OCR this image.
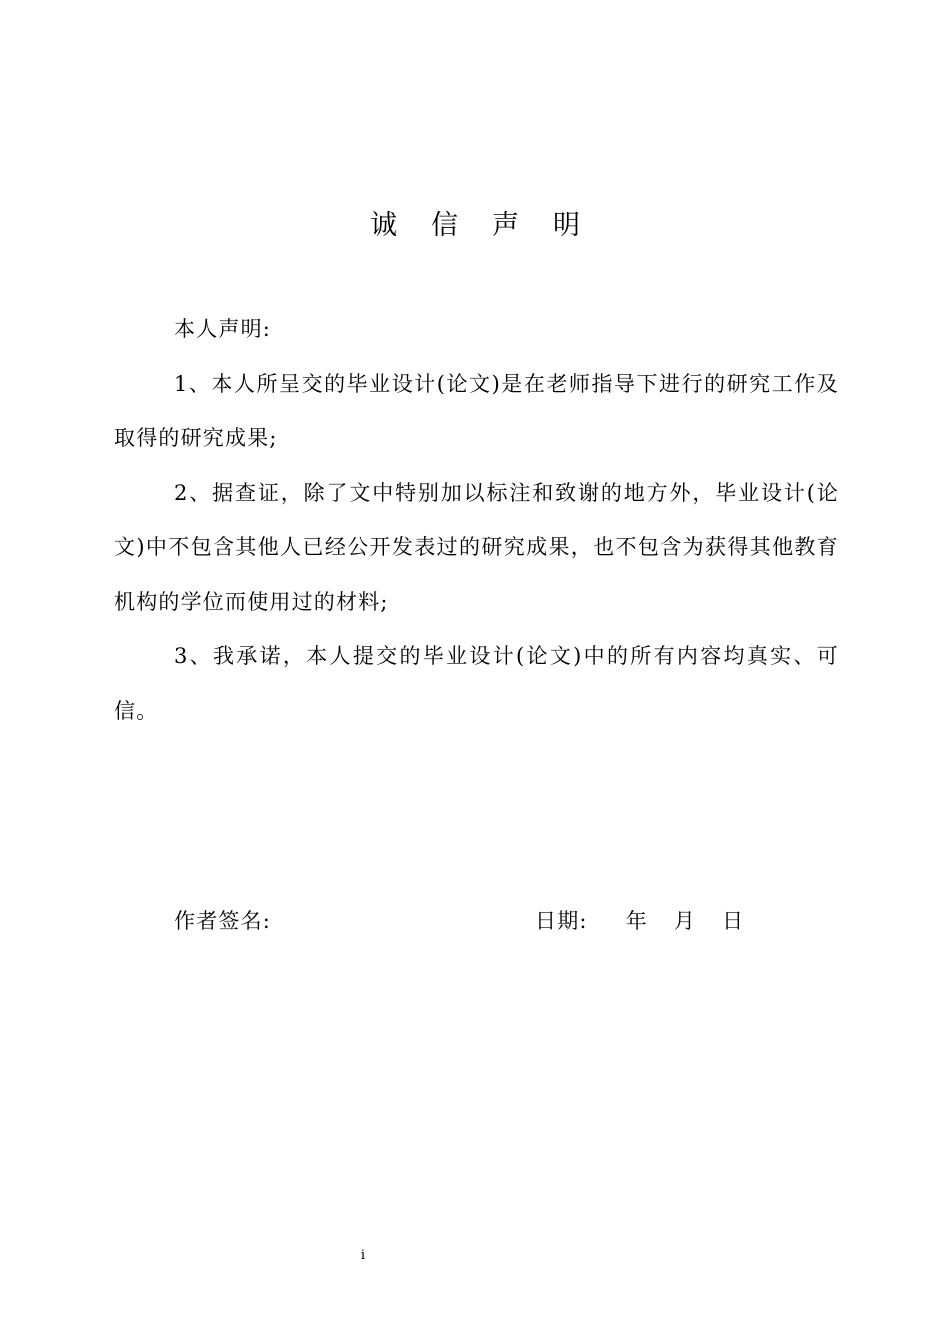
诚信声明

本人声明:

1、本人所呈交的毕业设计(论文)是在老师指导下进行的研究工作及取得的研究成果;

2、据查证，除了文中特别加以标注和致谢的地方外，毕业设计(论文)中不包含其他人已经公开发表过的研究成果，也不包含为获得其他教育机构的学位而使用过的材料;

3、我承诺，本人提交的毕业设计(论文)中的所有内容均真实、可信。

作者签名:	日期: 年 月 日
i
